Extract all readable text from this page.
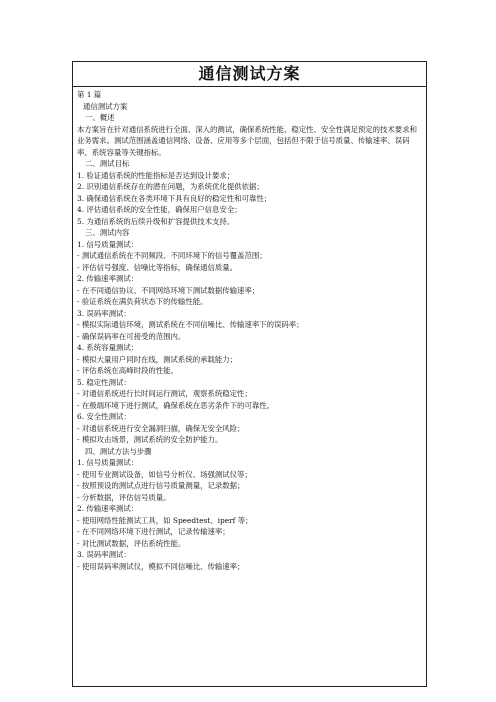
通信测试方案
第 1 篇
通信测试方案
一、概述
本方案旨在针对通信系统进行全面、深入的测试，确保系统性能、稳定性、安全性满足预定的技术要求和业务需求。测试范围涵盖通信网络、设备、应用等多个层面，包括但不限于信号质量、传输速率、误码率、系统容量等关键指标。
二、测试目标
1. 验证通信系统的性能指标是否达到设计要求；
2. 识别通信系统存在的潜在问题，为系统优化提供依据；
3. 确保通信系统在各类环境下具有良好的稳定性和可靠性；
4. 评估通信系统的安全性能，确保用户信息安全；
5. 为通信系统的后续升级和扩容提供技术支持。
三、测试内容
1. 信号质量测试：
- 测试通信系统在不同频段、不同环境下的信号覆盖范围；
- 评估信号强度、信噪比等指标，确保通信质量。
2. 传输速率测试：
- 在不同通信协议、不同网络环境下测试数据传输速率；
- 验证系统在满负荷状态下的传输性能。
3. 误码率测试：
- 模拟实际通信环境，测试系统在不同信噪比、传输速率下的误码率；
- 确保误码率在可接受的范围内。
4. 系统容量测试：
- 模拟大量用户同时在线，测试系统的承载能力；
- 评估系统在高峰时段的性能。
5. 稳定性测试：
- 对通信系统进行长时间运行测试，观察系统稳定性；
- 在极端环境下进行测试，确保系统在恶劣条件下的可靠性。
6. 安全性测试：
- 对通信系统进行安全漏洞扫描，确保无安全风险；
- 模拟攻击场景，测试系统的安全防护能力。
四、测试方法与步骤
1. 信号质量测试：
- 使用专业测试设备，如信号分析仪、场强测试仪等；
- 按照预设的测试点进行信号质量测量，记录数据；
- 分析数据，评估信号质量。
2. 传输速率测试：
- 使用网络性能测试工具，如 Speedtest、iperf 等；
- 在不同网络环境下进行测试，记录传输速率；
- 对比测试数据，评估系统性能。
3. 误码率测试：
- 使用误码率测试仪，模拟不同信噪比、传输速率；
